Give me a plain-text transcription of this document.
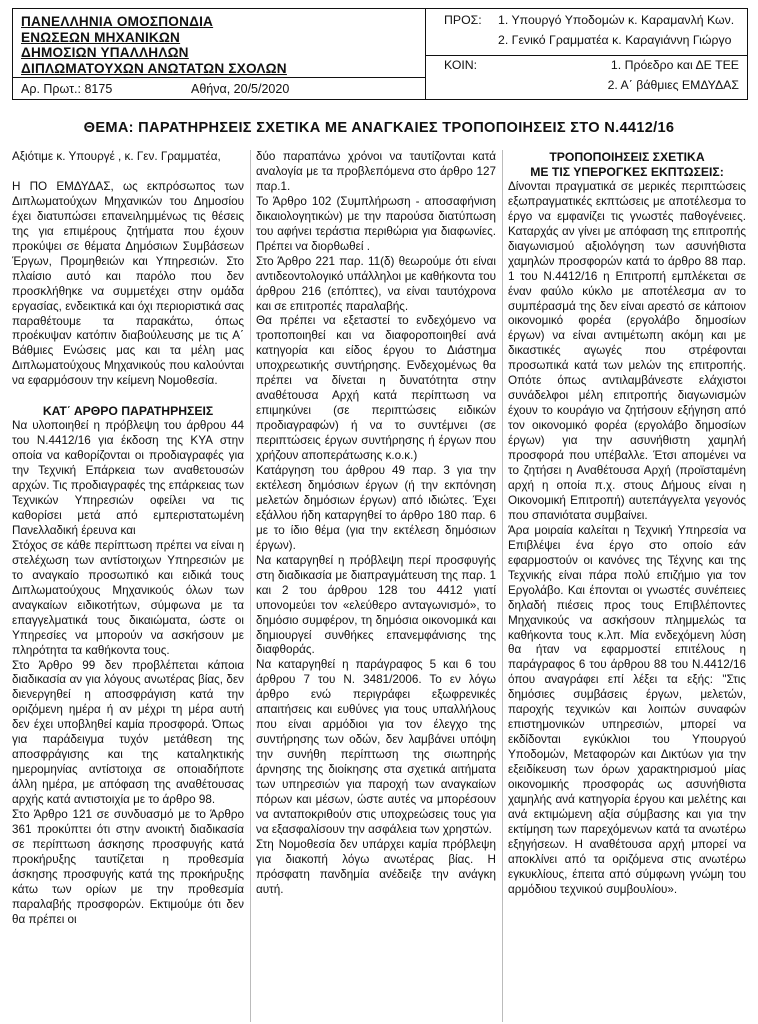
ΠΑΝΕΛΛΗΝΙΑ ΟΜΟΣΠΟΝΔΙΑ
ΕΝΩΣΕΩΝ ΜΗΧΑΝΙΚΩΝ
ΔΗΜΟΣΙΩΝ ΥΠΑΛΛΗΛΩΝ
ΔΙΠΛΩΜΑΤΟΥΧΩΝ ΑΝΩΤΑΤΩΝ ΣΧΟΛΩΝ
Αρ. Πρωτ.: 8175	Αθήνα, 20/5/2020
ΠΡΟΣ: 1. Υπουργό Υποδομών κ. Καραμανλή Κων.
2. Γενικό Γραμματέα κ. Καραγιάννη Γιώργο
ΚΟΙΝ:	1. Πρόεδρο και ΔΕ ΤΕΕ
2. Α΄ βάθμιες ΕΜΔΥΔΑΣ
ΘΕΜΑ: ΠΑΡΑΤΗΡΗΣΕΙΣ ΣΧΕΤΙΚΑ ΜΕ ΑΝΑΓΚΑΙΕΣ ΤΡΟΠΟΠΟΙΗΣΕΙΣ ΣΤΟ Ν.4412/16

Αξιότιμε κ. Υπουργέ , κ. Γεν. Γραμματέα,

Η ΠΟ ΕΜΔΥΔΑΣ, ως εκπρόσωπος των Διπλωματούχων Μηχανικών του Δημοσίου έχει διατυπώσει επανειλημμένως τις θέσεις της για επιμέρους ζητήματα που έχουν προκύψει σε θέματα Δημόσιων Συμβάσεων Έργων, Προμηθειών και Υπηρεσιών. Στο πλαίσιο αυτό και παρόλο που δεν προσκλήθηκε να συμμετέχει στην ομάδα εργασίας, ενδεικτικά και όχι περιοριστικά σας παραθέτουμε τα παρακάτω, όπως προέκυψαν κατόπιν διαβούλευσης με τις Α΄ Βάθμιες Ενώσεις μας και τα μέλη μας Διπλωματούχους Μηχανικούς που καλούνται να εφαρμόσουν την κείμενη Νομοθεσία.

ΚΑΤ΄ ΑΡΘΡΟ ΠΑΡΑΤΗΡΗΣΕΙΣ

Να υλοποιηθεί η πρόβλεψη του άρθρου 44 του Ν.4412/16 για έκδοση της ΚΥΑ στην οποία να καθορίζονται οι προδιαγραφές για την Τεχνική Επάρκεια των αναθετουσών αρχών. Τις προδιαγραφές της επάρκειας των Τεχνικών Υπηρεσιών οφείλει να τις καθορίσει μετά από εμπεριστατωμένη Πανελλαδική έρευνα και

Στόχος σε κάθε περίπτωση πρέπει να είναι η στελέχωση των αντίστοιχων Υπηρεσιών με το αναγκαίο προσωπικό και ειδικά τους Διπλωματούχους Μηχανικούς όλων των αναγκαίων ειδικοτήτων, σύμφωνα με τα επαγγελματικά τους δικαιώματα, ώστε οι Υπηρεσίες να μπορούν να ασκήσουν με πληρότητα τα καθήκοντα τους.

Στο Άρθρο 99 δεν προβλέπεται κάποια διαδικασία αν για λόγους ανωτέρας βίας, δεν διενεργηθεί η αποσφράγιση κατά την οριζόμενη ημέρα ή αν μέχρι τη μέρα αυτή δεν έχει υποβληθεί καμία προσφορά. Όπως για παράδειγμα τυχόν μετάθεση της αποσφράγισης και της καταληκτικής ημερομηνίας αντίστοιχα σε οποιαδήποτε άλλη ημέρα, με απόφαση της αναθέτουσας αρχής κατά αντιστοιχία με το άρθρο 98.

Στο Άρθρο 121 σε συνδυασμό με το Άρθρο 361 προκύπτει ότι στην ανοικτή διαδικασία σε περίπτωση άσκησης προσφυγής κατά προκήρυξης ταυτίζεται η προθεσμία άσκησης προσφυγής κατά της προκήρυξης κάτω των ορίων με την προθεσμία παραλαβής προσφορών. Εκτιμούμε ότι δεν θα πρέπει οι

δύο παραπάνω χρόνοι να ταυτίζονται κατά αναλογία με τα προβλεπόμενα στο άρθρο 127 παρ.1.

Το Άρθρο 102 (Συμπλήρωση - αποσαφήνιση δικαιολογητικών) με την παρούσα διατύπωση του αφήνει τεράστια περιθώρια για διαφωνίες. Πρέπει να διορθωθεί .

Στο Άρθρο 221 παρ. 11(δ) θεωρούμε ότι είναι αντιδεοντολογικό υπάλληλοι με καθήκοντα του άρθρου 216 (επόπτες), να είναι ταυτόχρονα και σε επιτροπές παραλαβής.

Θα πρέπει να εξεταστεί το ενδεχόμενο να τροποποιηθεί και να διαφοροποιηθεί ανά κατηγορία και είδος έργου το Διάστημα υποχρεωτικής συντήρησης. Ενδεχομένως θα πρέπει να δίνεται η δυνατότητα στην αναθέτουσα Αρχή κατά περίπτωση να επιμηκύνει (σε περιπτώσεις ειδικών προδιαγραφών) ή να το συντέμνει (σε περιπτώσεις έργων συντήρησης ή έργων που χρήζουν αποπεράτωσης κ.ο.κ.)

Κατάργηση του άρθρου 49 παρ. 3 για την εκτέλεση δημόσιων έργων (ή την εκπόνηση μελετών δημόσιων έργων) από ιδιώτες. Έχει εξάλλου ήδη καταργηθεί το άρθρο 180 παρ. 6 με το ίδιο θέμα (για την εκτέλεση δημόσιων έργων).

Να καταργηθεί η πρόβλεψη περί προσφυγής στη διαδικασία με διαπραγμάτευση της παρ. 1 και 2 του άρθρου 128 του 4412 γιατί υπονομεύει τον «ελεύθερο ανταγωνισμό», το δημόσιο συμφέρον, τη δημόσια οικονομικά και δημιουργεί συνθήκες επανεμφάνισης της διαφθοράς.

Να καταργηθεί η παράγραφος 5 και 6 του άρθρου 7 του Ν. 3481/2006. Το εν λόγω άρθρο ενώ περιγράφει εξωφρενικές απαιτήσεις και ευθύνες για τους υπαλλήλους που είναι αρμόδιοι για τον έλεγχο της συντήρησης των οδών, δεν λαμβάνει υπόψη την συνήθη περίπτωση της σιωπηρής άρνησης της διοίκησης στα σχετικά αιτήματα των υπηρεσιών για παροχή των αναγκαίων πόρων και μέσων, ώστε αυτές να μπορέσουν να ανταποκριθούν στις υποχρεώσεις τους για να εξασφαλίσουν την ασφάλεια των χρηστών.

Στη Νομοθεσία δεν υπάρχει καμία πρόβλεψη για διακοπή λόγω ανωτέρας βίας. Η πρόσφατη πανδημία ανέδειξε την ανάγκη αυτή.

ΤΡΟΠΟΠΟΙΗΣΕΙΣ ΣΧΕΤΙΚΑ

ΜΕ ΤΙΣ ΥΠΕΡΟΓΚΕΣ ΕΚΠΤΩΣΕΙΣ:

Δίνονται πραγματικά σε μερικές περιπτώσεις εξωπραγματικές εκπτώσεις με αποτέλεσμα το έργο να εμφανίζει τις γνωστές παθογένειες. Καταρχάς αν γίνει με απόφαση της επιτροπής διαγωνισμού αξιολόγηση των ασυνήθιστα χαμηλών προσφορών κατά το άρθρο 88 παρ. 1 του Ν.4412/16 η Επιτροπή εμπλέκεται σε έναν φαύλο κύκλο με αποτέλεσμα αν το συμπέρασμά της δεν είναι αρεστό σε κάποιον οικονομικό φορέα (εργολάβο δημοσίων έργων) να είναι αντιμέτωπη ακόμη και με δικαστικές αγωγές που στρέφονται προσωπικά κατά των μελών της επιτροπής. Οπότε όπως αντιλαμβάνεστε ελάχιστοι συνάδελφοι μέλη επιτροπής διαγωνισμών έχουν το κουράγιο να ζητήσουν εξήγηση από τον οικονομικό φορέα (εργολάβο δημοσίων έργων) για την ασυνήθιστη χαμηλή προσφορά που υπέβαλλε. Έτσι απομένει να το ζητήσει η Αναθέτουσα Αρχή (προϊσταμένη αρχή η οποία π.χ. στους Δήμους είναι η Οικονομική Επιτροπή) αυτεπάγγελτα γεγονός που σπανιότατα συμβαίνει.

Άρα μοιραία καλείται η Τεχνική Υπηρεσία να Επιβλέψει ένα έργο στο οποίο εάν εφαρμοστούν οι κανόνες της Τέχνης και της Τεχνικής είναι πάρα πολύ επιζήμιο για τον Εργολάβο. Και έπονται οι γνωστές συνέπειες δηλαδή πιέσεις προς τους Επιβλέποντες Μηχανικούς να ασκήσουν πλημμελώς τα καθήκοντα τους κ.λπ. Μία ενδεχόμενη λύση θα ήταν να εφαρμοστεί επιτέλους η παράγραφος 6 του άρθρου 88 του Ν.4412/16 όπου αναγράφει επί λέξει τα εξής: "Στις δημόσιες συμβάσεις έργων, μελετών, παροχής τεχνικών και λοιπών συναφών επιστημονικών υπηρεσιών, μπορεί να εκδίδονται εγκύκλιοι του Υπουργού Υποδομών, Μεταφορών και Δικτύων για την εξειδίκευση των όρων χαρακτηρισμού μίας οικονομικής προσφοράς ως ασυνήθιστα χαμηλής ανά κατηγορία έργου και μελέτης και ανά εκτιμώμενη αξία σύμβασης και για την εκτίμηση των παρεχόμενων κατά τα ανωτέρω εξηγήσεων. Η αναθέτουσα αρχή μπορεί να αποκλίνει από τα οριζόμενα στις ανωτέρω εγκυκλίους, έπειτα από σύμφωνη γνώμη του αρμόδιου τεχνικού συμβουλίου».
